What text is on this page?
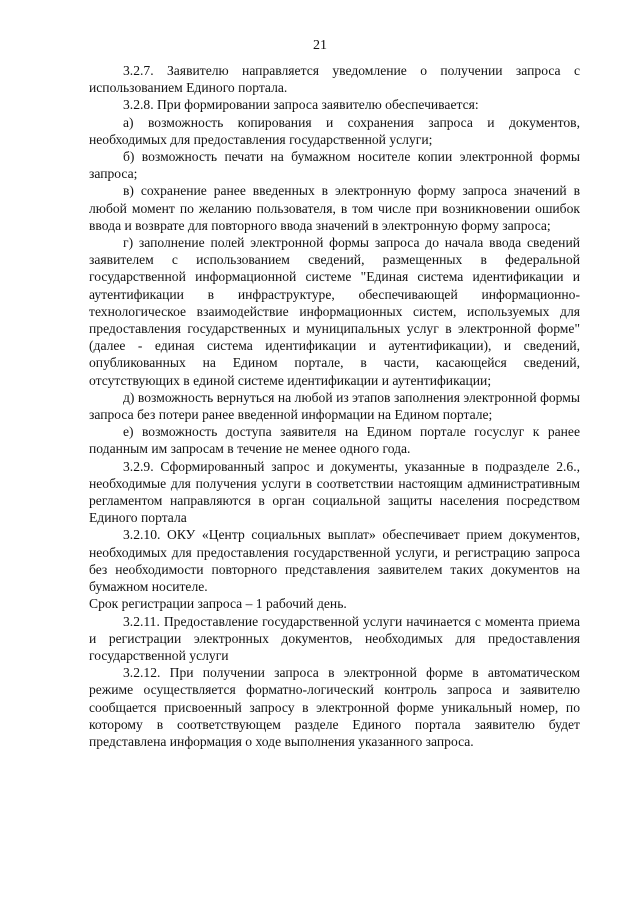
21

3.2.7. Заявителю направляется уведомление о получении запроса с использованием Единого портала.

3.2.8. При формировании запроса заявителю обеспечивается:

а) возможность копирования и сохранения запроса и документов, необходимых для предоставления государственной услуги;

б) возможность печати на бумажном носителе копии электронной формы запроса;

в) сохранение ранее введенных в электронную форму запроса значений в любой момент по желанию пользователя, в том числе при возникновении ошибок ввода и возврате для повторного ввода значений в электронную форму запроса;

г) заполнение полей электронной формы запроса до начала ввода сведений заявителем с использованием сведений, размещенных в федеральной государственной информационной системе "Единая система идентификации и аутентификации в инфраструктуре, обеспечивающей информационно-технологическое взаимодействие информационных систем, используемых для предоставления государственных и муниципальных услуг в электронной форме" (далее - единая система идентификации и аутентификации), и сведений, опубликованных на Едином портале, в части, касающейся сведений, отсутствующих в единой системе идентификации и аутентификации;

д) возможность вернуться на любой из этапов заполнения электронной формы запроса без потери ранее введенной информации на Едином портале;

е) возможность доступа заявителя на Едином портале госуслуг к ранее поданным им запросам в течение не менее одного года.

3.2.9. Сформированный запрос и документы, указанные в подразделе 2.6., необходимые для получения услуги в соответствии настоящим административным регламентом направляются в орган социальной защиты населения посредством Единого портала

3.2.10. ОКУ «Центр социальных выплат» обеспечивает прием документов, необходимых для предоставления государственной услуги, и регистрацию запроса без необходимости повторного представления заявителем таких документов на бумажном носителе.

Срок регистрации запроса – 1 рабочий день.

3.2.11. Предоставление государственной услуги начинается с момента приема и регистрации электронных документов, необходимых для предоставления государственной услуги

3.2.12. При получении запроса в электронной форме в автоматическом режиме осуществляется форматно-логический контроль запроса и заявителю сообщается присвоенный запросу в электронной форме уникальный номер, по которому в соответствующем разделе Единого портала заявителю будет представлена информация о ходе выполнения указанного запроса.
